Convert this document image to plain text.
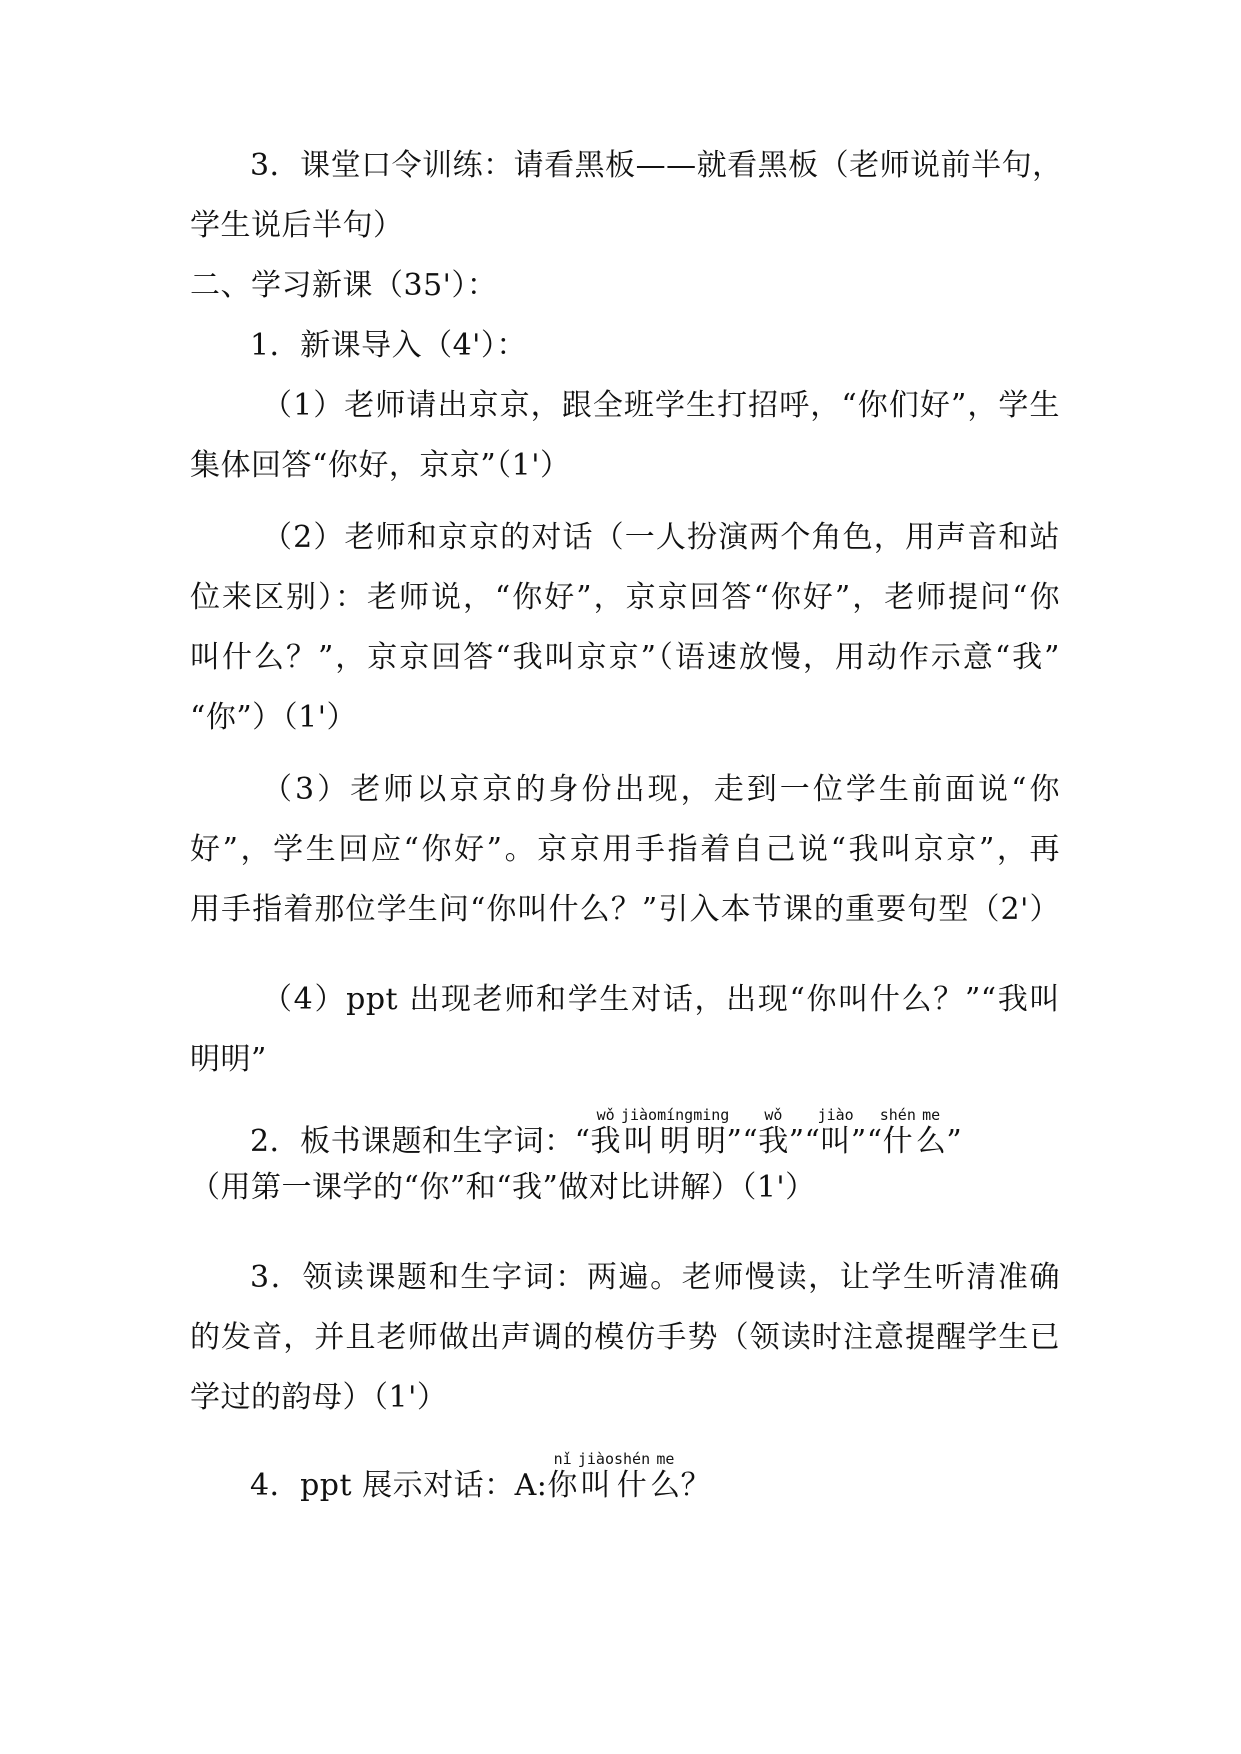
3．课堂口令训练：请看黑板——就看黑板（老师说前半句，
学生说后半句）
二、学习新课（35'）：
1．新课导入（4'）：
（1）老师请出京京，跟全班学生打招呼，“你们好”，学生
集体回答“你好，京京”（1'）
（2）老师和京京的对话（一人扮演两个角色，用声音和站
位来区别）：老师说，“你好”，京京回答“你好”，老师提问“你
叫什么？”，京京回答“我叫京京”（语速放慢，用动作示意“我”
“你”）（1'）
（3）老师以京京的身份出现，走到一位学生前面说“你
好”，学生回应“你好”。京京用手指着自己说“我叫京京”，再
用手指着那位学生问“你叫什么？”引入本节课的重要句型（2'）
（4）ppt 出现老师和学生对话，出现“你叫什么？”“我叫
明明”
2．板书课题和生字词：“我wǒ叫jiào明míng明ming”“我wǒ”“叫jiào”“什shén么me”
（用第一课学的“你”和“我”做对比讲解）（1'）
3．领读课题和生字词：两遍。老师慢读，让学生听清准确
的发音，并且老师做出声调的模仿手势（领读时注意提醒学生已
学过的韵母）（1'）
4．ppt 展示对话：A:你nǐ叫jiào什shén么me？
